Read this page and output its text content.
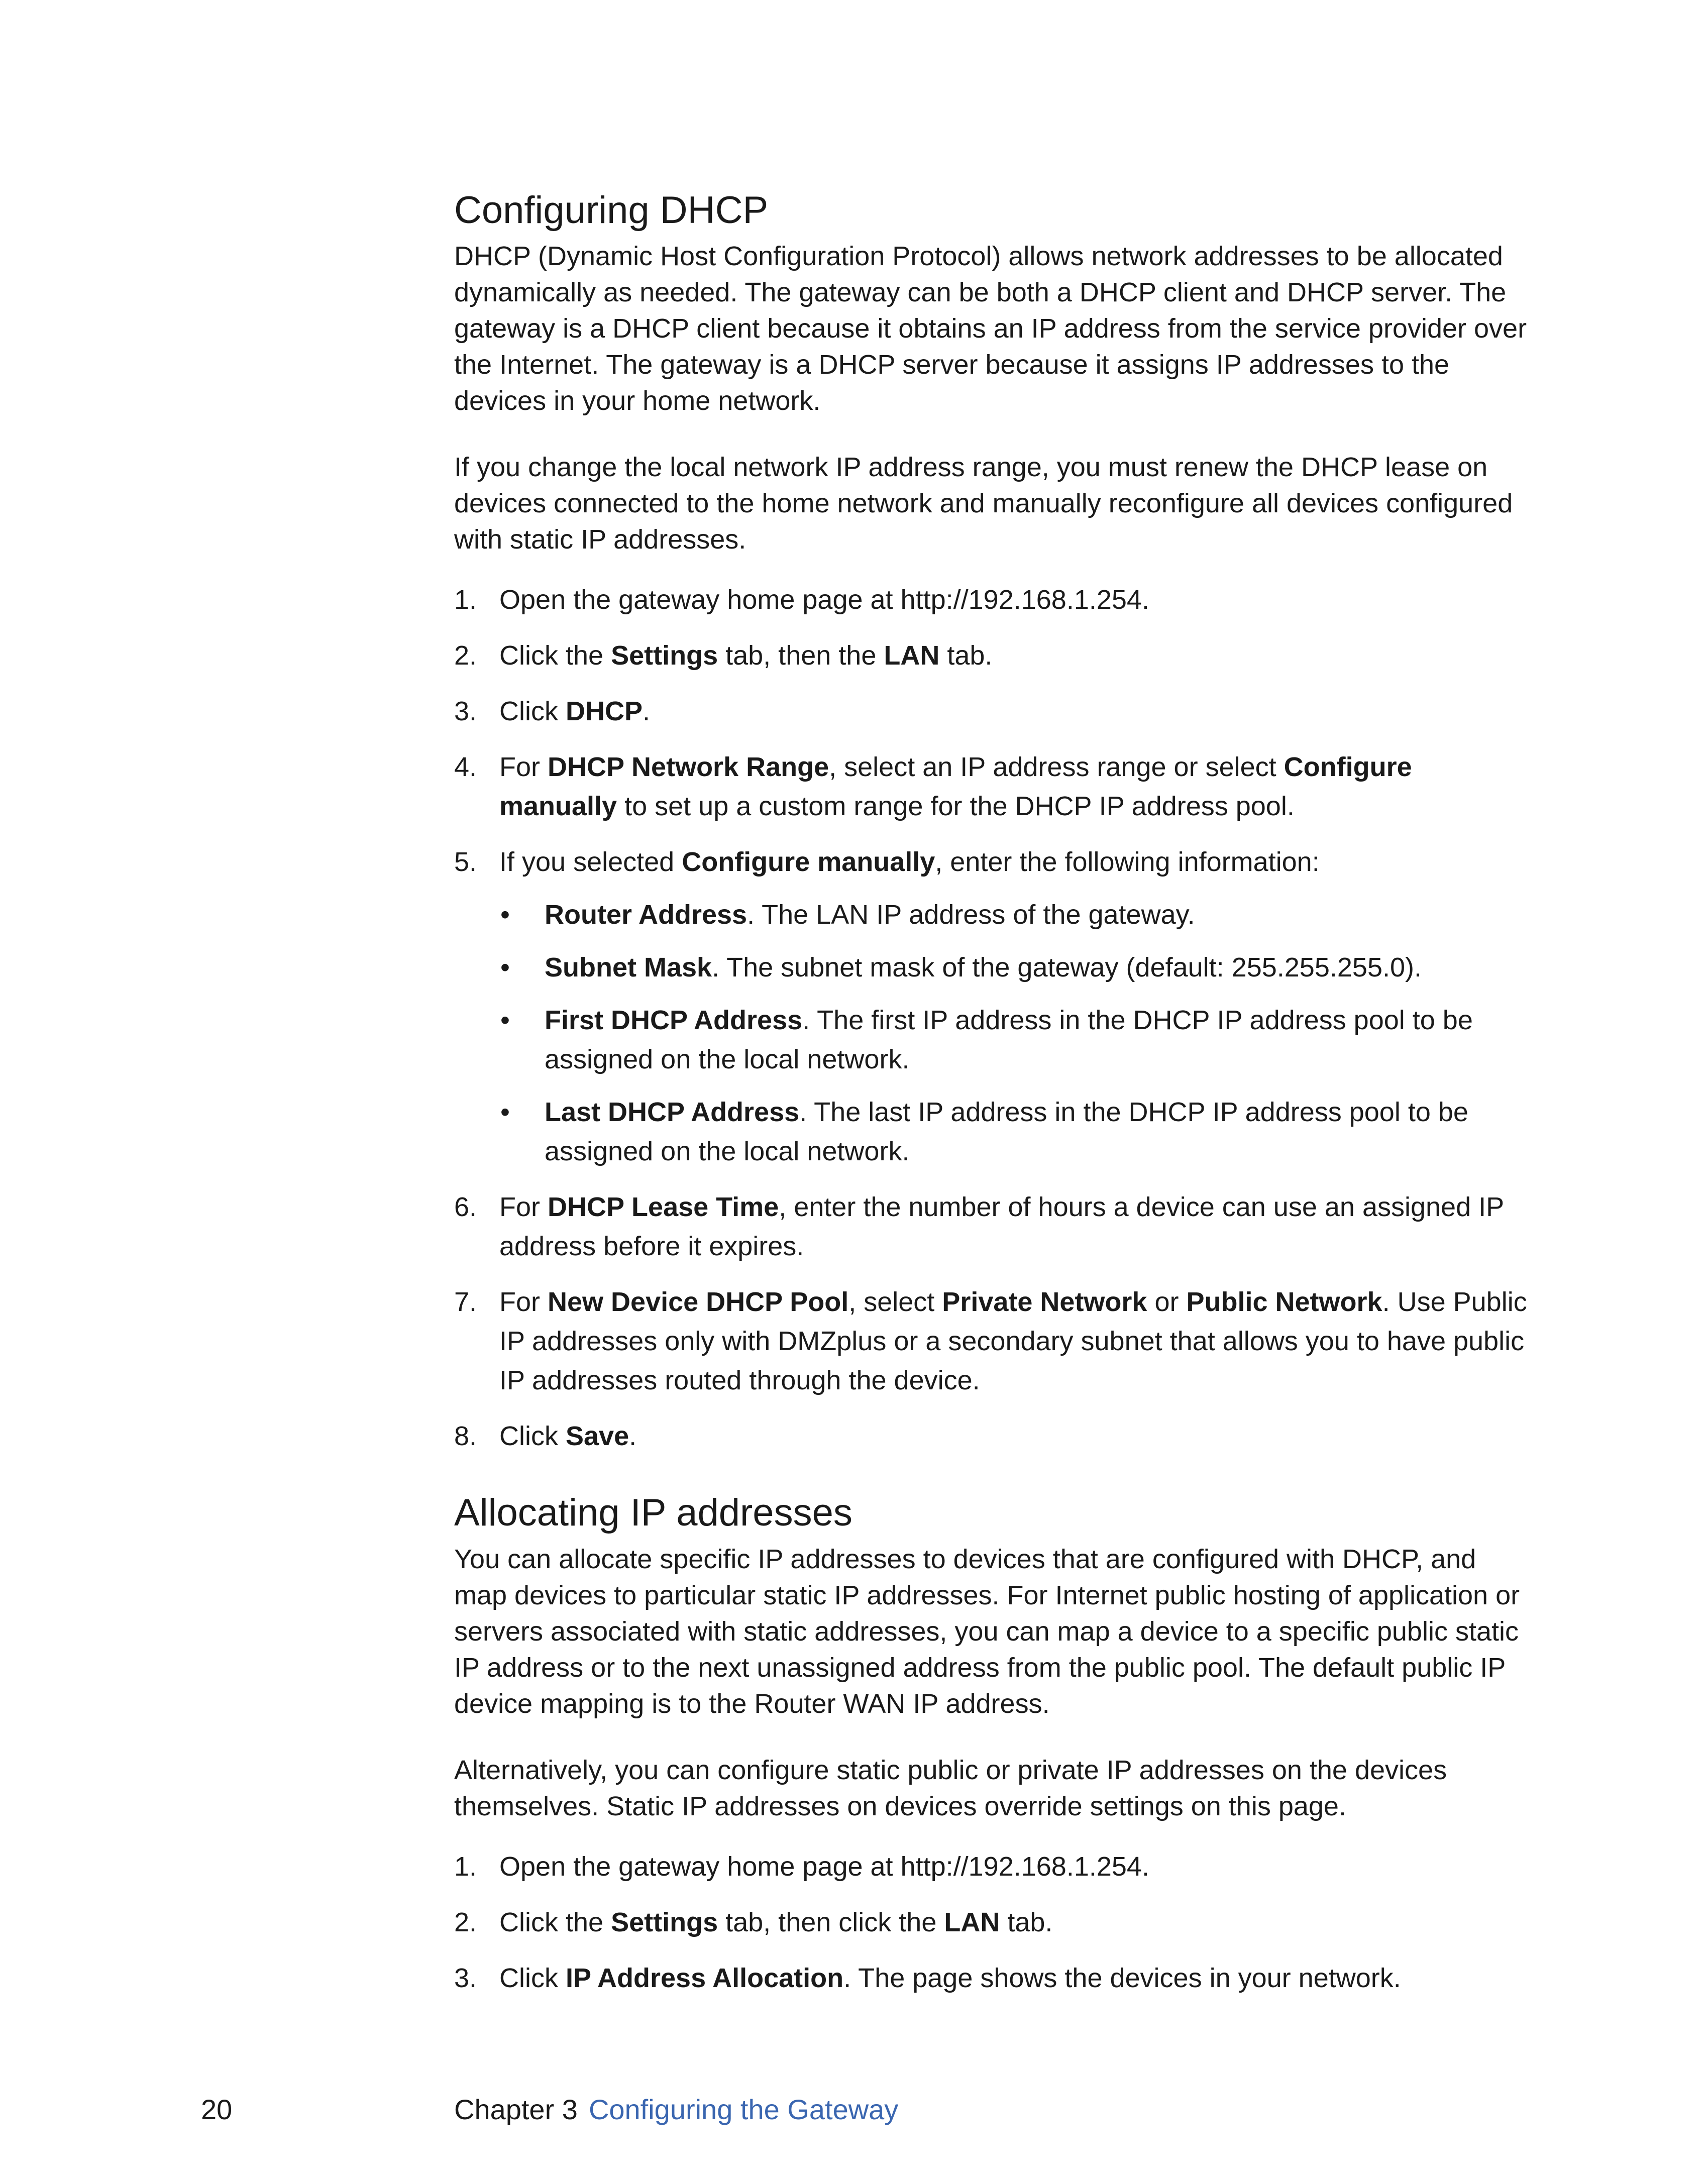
Configuring DHCP

DHCP (Dynamic Host Configuration Protocol) allows network addresses to be allocated dynamically as needed. The gateway can be both a DHCP client and DHCP server. The gateway is a DHCP client because it obtains an IP address from the service provider over the Internet. The gateway is a DHCP server because it assigns IP addresses to the devices in your home network.

If you change the local network IP address range, you must renew the DHCP lease on devices connected to the home network and manually reconfigure all devices configured with static IP addresses.

1. Open the gateway home page at http://192.168.1.254.
2. Click the Settings tab, then the LAN tab.
3. Click DHCP.
4. For DHCP Network Range, select an IP address range or select Configure manually to set up a custom range for the DHCP IP address pool.
5. If you selected Configure manually, enter the following information:
• Router Address. The LAN IP address of the gateway.
• Subnet Mask. The subnet mask of the gateway (default: 255.255.255.0).
• First DHCP Address. The first IP address in the DHCP IP address pool to be assigned on the local network.
• Last DHCP Address. The last IP address in the DHCP IP address pool to be assigned on the local network.
6. For DHCP Lease Time, enter the number of hours a device can use an assigned IP address before it expires.
7. For New Device DHCP Pool, select Private Network or Public Network. Use Public IP addresses only with DMZplus or a secondary subnet that allows you to have public IP addresses routed through the device.
8. Click Save.
Allocating IP addresses

You can allocate specific IP addresses to devices that are configured with DHCP, and map devices to particular static IP addresses. For Internet public hosting of application or servers associated with static addresses, you can map a device to a specific public static IP address or to the next unassigned address from the public pool. The default public IP device mapping is to the Router WAN IP address.

Alternatively, you can configure static public or private IP addresses on the devices themselves. Static IP addresses on devices override settings on this page.

1. Open the gateway home page at http://192.168.1.254.
2. Click the Settings tab, then click the LAN tab.
3. Click IP Address Allocation. The page shows the devices in your network.
20	Chapter 3 Configuring the Gateway
